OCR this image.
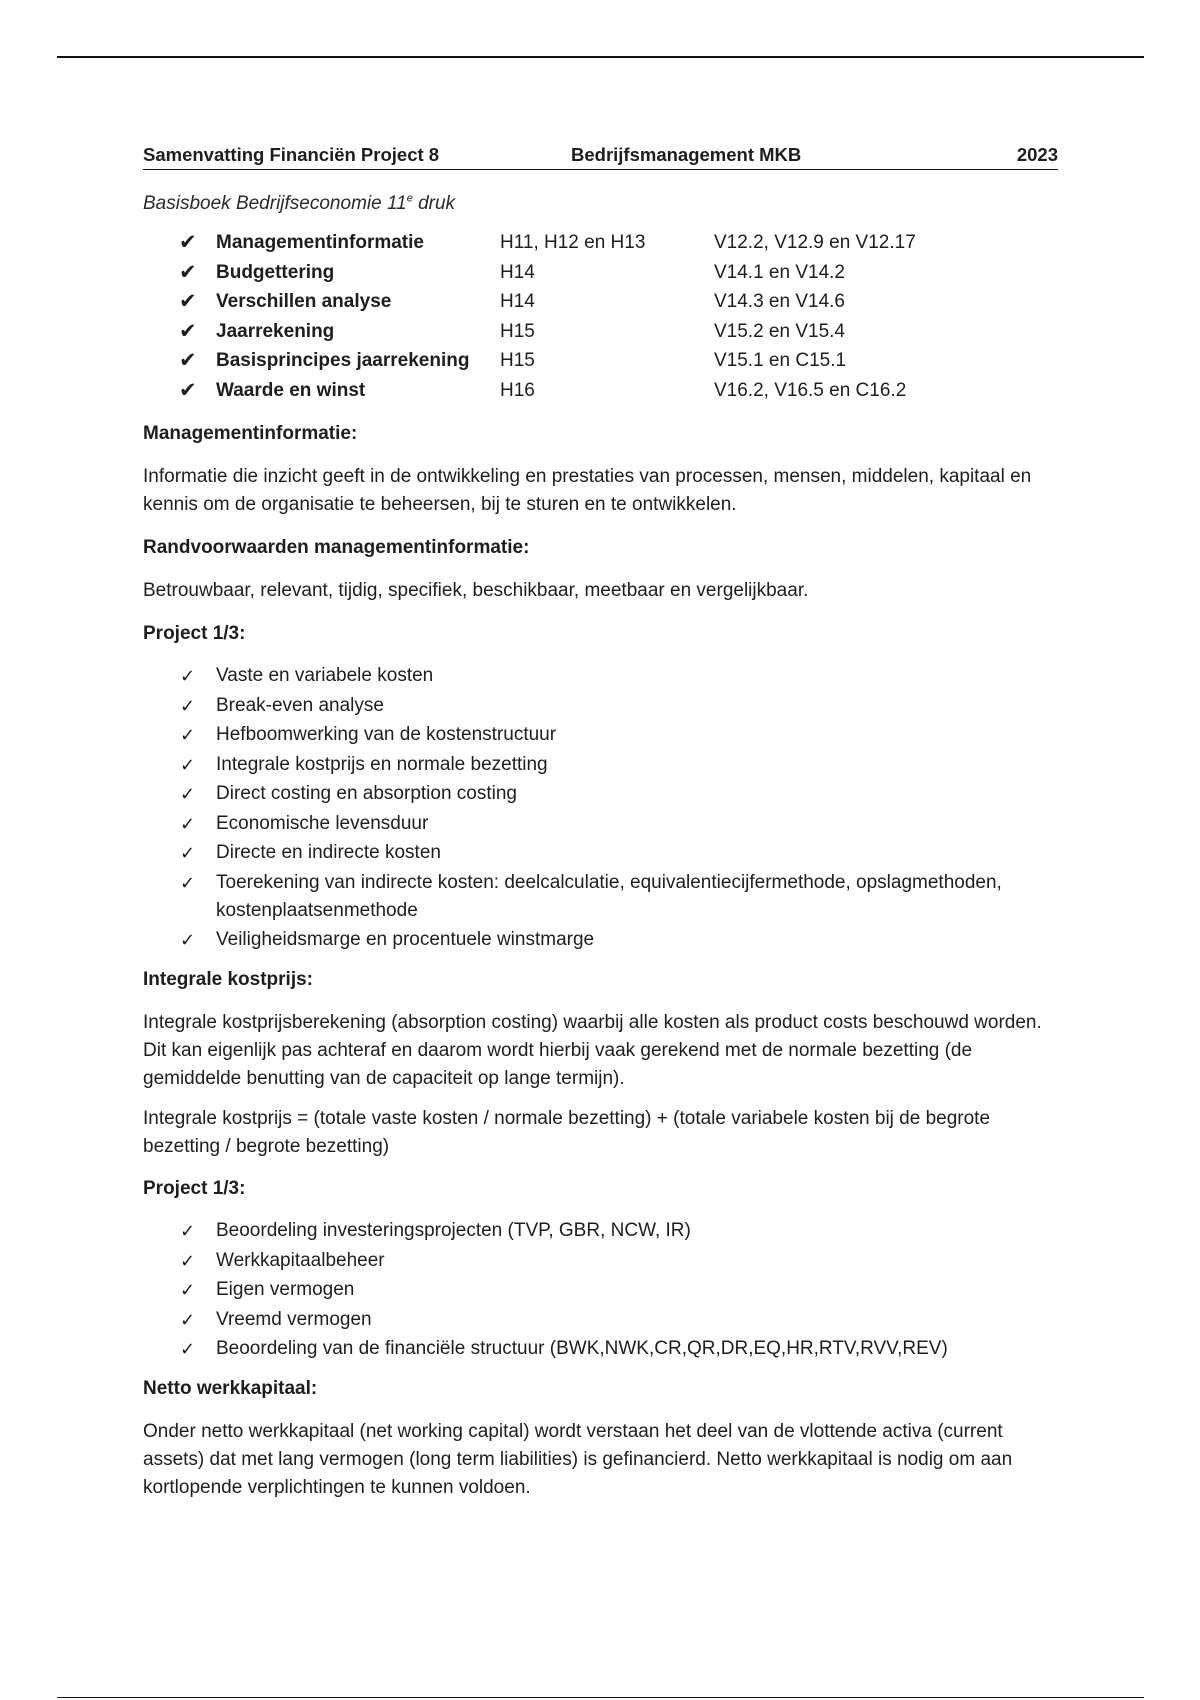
Samenvatting Financiën Project 8	Bedrijfsmanagement MKB	2023
Basisboek Bedrijfseconomie 11e druk
✔ Managementinformatie	H11, H12 en H13	V12.2, V12.9 en V12.17
✔ Budgettering	H14	V14.1 en V14.2
✔ Verschillen analyse	H14	V14.3 en V14.6
✔ Jaarrekening	H15	V15.2 en V15.4
✔ Basisprincipes jaarrekening H15	V15.1 en C15.1
✔ Waarde en winst	H16	V16.2, V16.5 en C16.2
Managementinformatie:
Informatie die inzicht geeft in de ontwikkeling en prestaties van processen, mensen, middelen, kapitaal en kennis om de organisatie te beheersen, bij te sturen en te ontwikkelen.
Randvoorwaarden managementinformatie:
Betrouwbaar, relevant, tijdig, specifiek, beschikbaar, meetbaar en vergelijkbaar.
Project 1/3:
✓ Vaste en variabele kosten
✓ Break-even analyse
✓ Hefboomwerking van de kostenstructuur
✓ Integrale kostprijs en normale bezetting
✓ Direct costing en absorption costing
✓ Economische levensduur
✓ Directe en indirecte kosten
✓ Toerekening van indirecte kosten: deelcalculatie, equivalentiecijfermethode, opslagmethoden, kostenplaatsenmethode
✓ Veiligheidsmarge en procentuele winstmarge
Integrale kostprijs:
Integrale kostprijsberekening (absorption costing) waarbij alle kosten als product costs beschouwd worden. Dit kan eigenlijk pas achteraf en daarom wordt hierbij vaak gerekend met de normale bezetting (de gemiddelde benutting van de capaciteit op lange termijn).
Integrale kostprijs = (totale vaste kosten / normale bezetting) + (totale variabele kosten bij de begrote bezetting / begrote bezetting)
Project 1/3:
✓ Beoordeling investeringsprojecten (TVP, GBR, NCW, IR)
✓ Werkkapitaalbeheer
✓ Eigen vermogen
✓ Vreemd vermogen
✓ Beoordeling van de financiële structuur (BWK,NWK,CR,QR,DR,EQ,HR,RTV,RVV,REV)
Netto werkkapitaal:
Onder netto werkkapitaal (net working capital) wordt verstaan het deel van de vlottende activa (current assets) dat met lang vermogen (long term liabilities) is gefinancierd. Netto werkkapitaal is nodig om aan kortlopende verplichtingen te kunnen voldoen.
